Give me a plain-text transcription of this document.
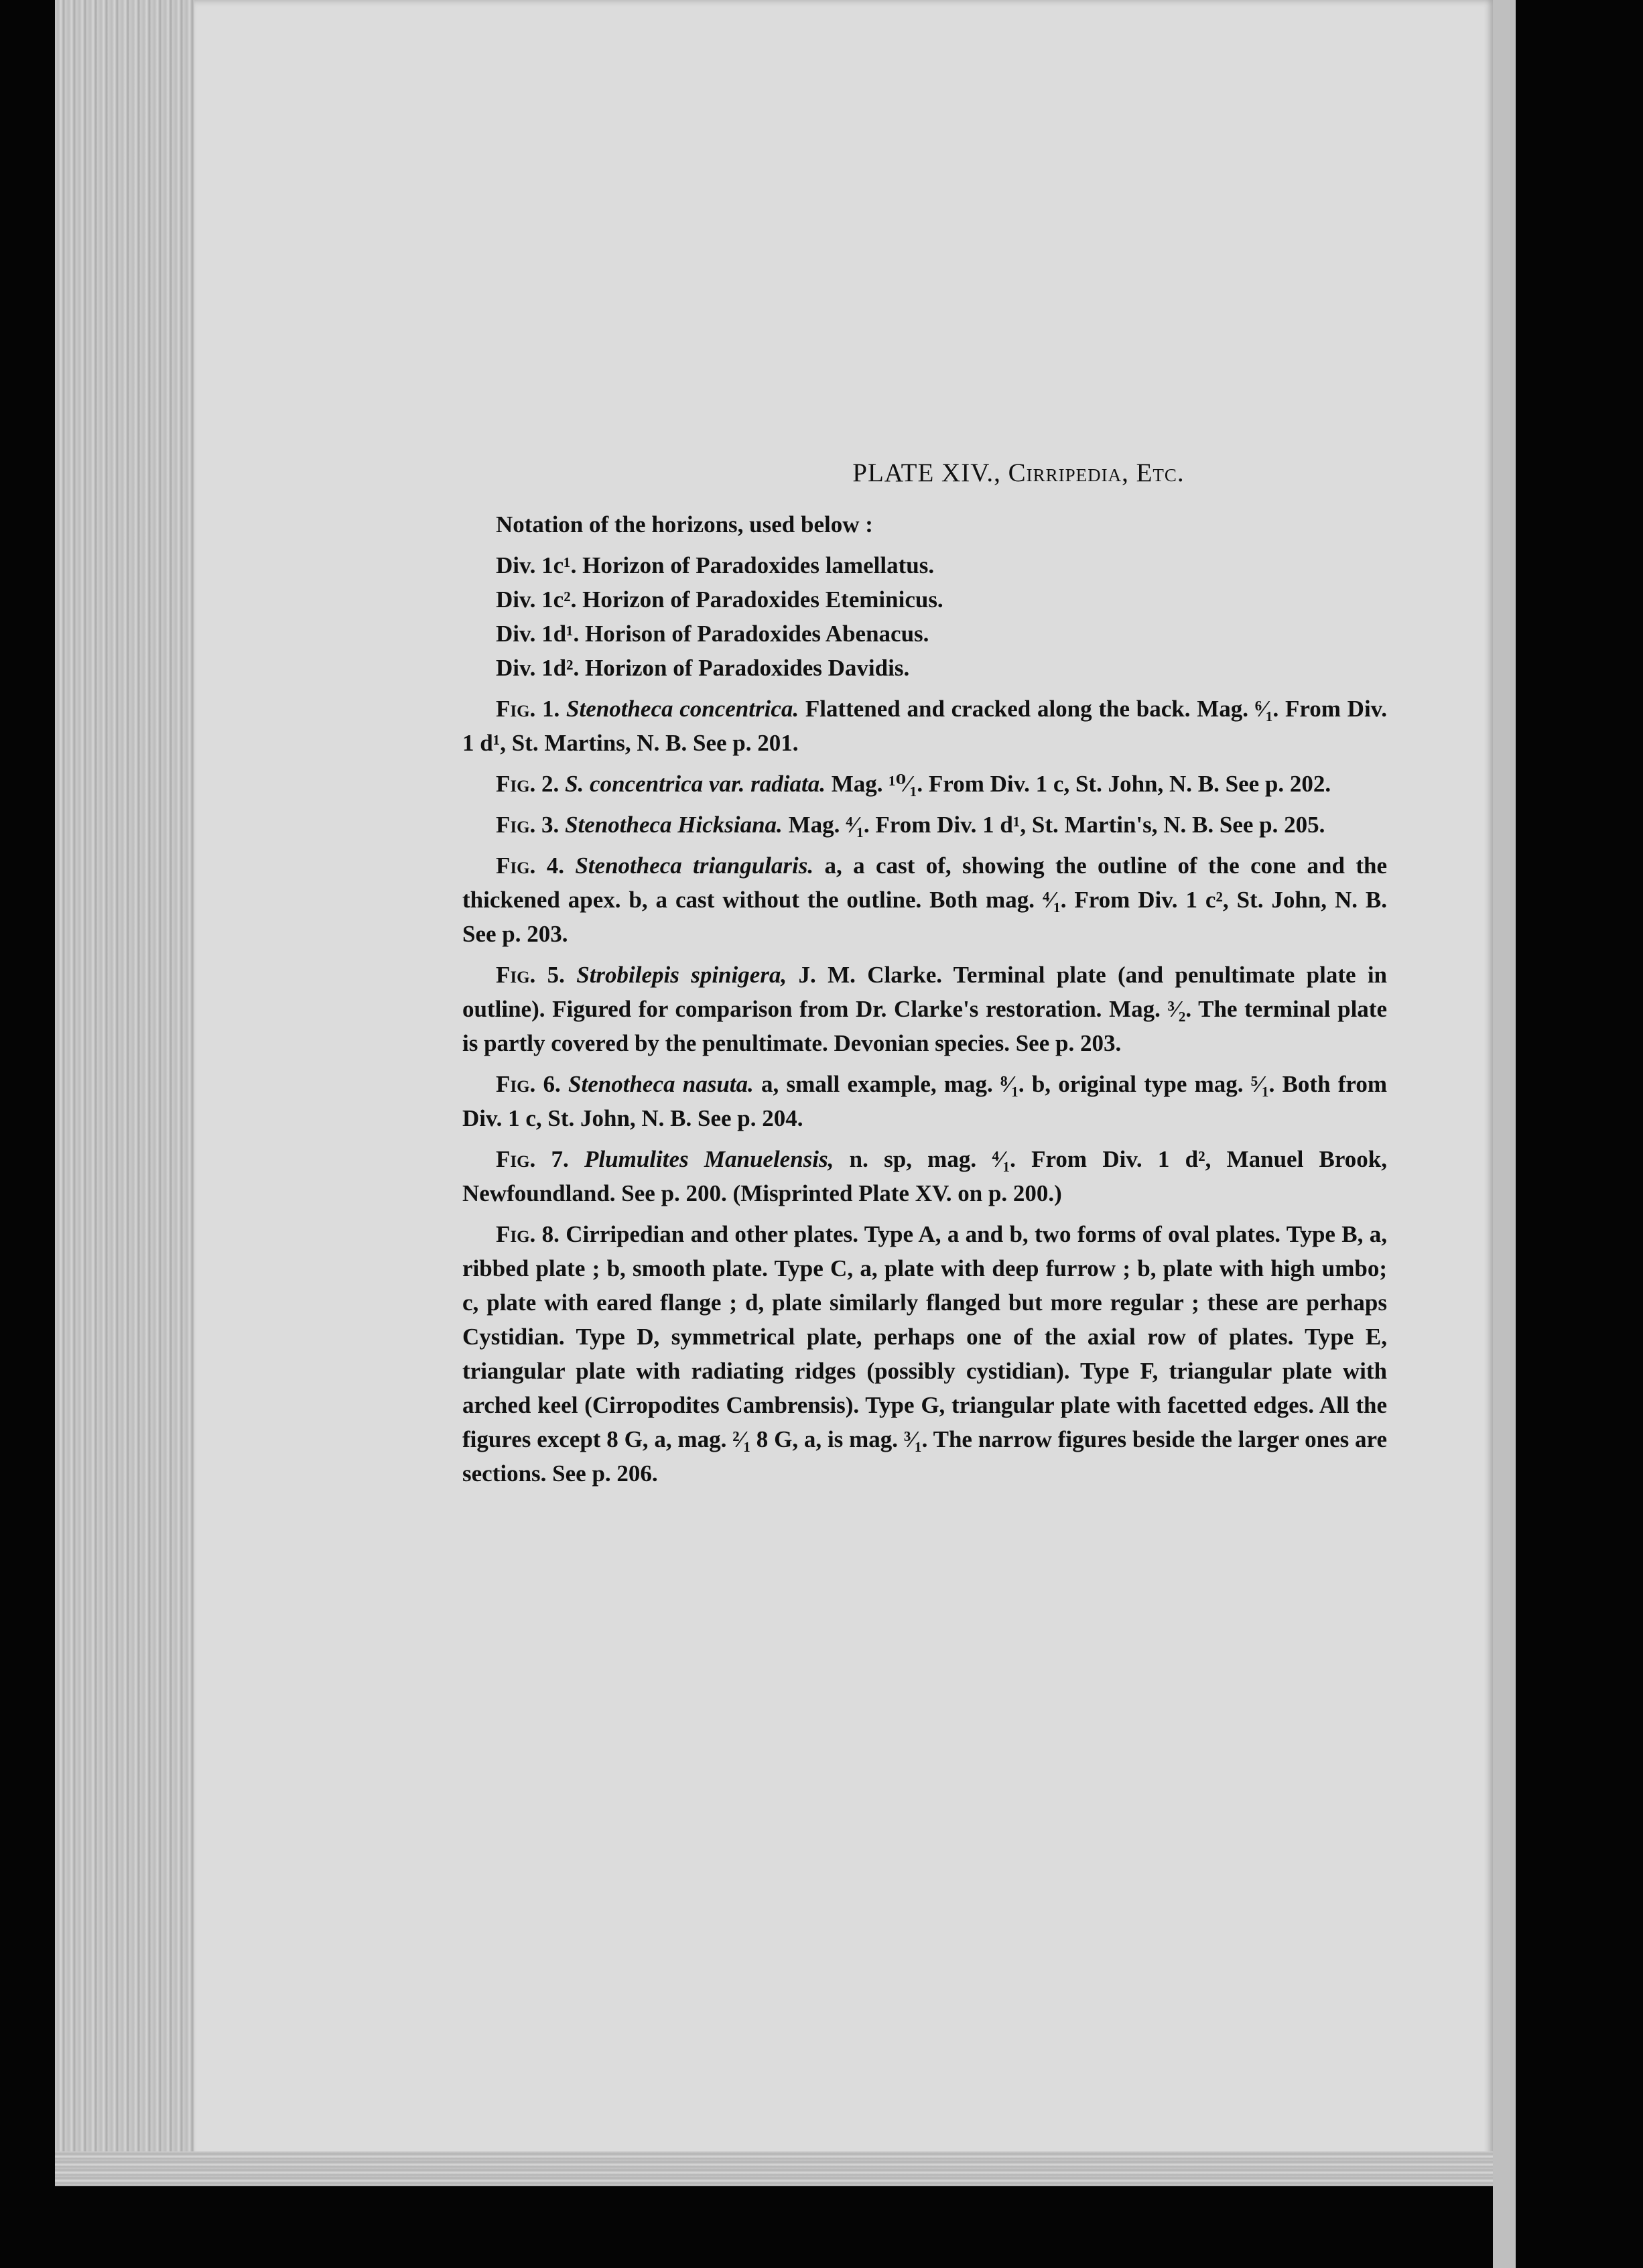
PLATE XIV., Cirripedia, Etc.
Notation of the horizons, used below :
Div. 1c¹. Horizon of Paradoxides lamellatus.
Div. 1c². Horizon of Paradoxides Eteminicus.
Div. 1d¹. Horison of Paradoxides Abenacus.
Div. 1d². Horizon of Paradoxides Davidis.

Fig. 1. Stenotheca concentrica. Flattened and cracked along the back. Mag. ⁶⁄₁. From Div. 1 d¹, St. Martins, N. B. See p. 201.

Fig. 2. S. concentrica var. radiata. Mag. ¹⁰⁄₁. From Div. 1 c, St. John, N. B. See p. 202.

Fig. 3. Stenotheca Hicksiana. Mag. ⁴⁄₁. From Div. 1 d¹, St. Martin's, N. B. See p. 205.

Fig. 4. Stenotheca triangularis. a, a cast of, showing the outline of the cone and the thickened apex. b, a cast without the outline. Both mag. ⁴⁄₁. From Div. 1 c², St. John, N. B. See p. 203.

Fig. 5. Strobilepis spinigera, J. M. Clarke. Terminal plate (and penultimate plate in outline). Figured for comparison from Dr. Clarke's restoration. Mag. ³⁄₂. The terminal plate is partly covered by the penultimate. Devonian species. See p. 203.

Fig. 6. Stenotheca nasuta. a, small example, mag. ⁸⁄₁. b, original type mag. ⁵⁄₁. Both from Div. 1 c, St. John, N. B. See p. 204.

Fig. 7. Plumulites Manuelensis, n. sp, mag. ⁴⁄₁. From Div. 1 d², Manuel Brook, Newfoundland. See p. 200. (Misprinted Plate XV. on p. 200.)

Fig. 8. Cirripedian and other plates. Type A, a and b, two forms of oval plates. Type B, a, ribbed plate ; b, smooth plate. Type C, a, plate with deep furrow ; b, plate with high umbo; c, plate with eared flange ; d, plate similarly flanged but more regular ; these are perhaps Cystidian. Type D, symmetrical plate, perhaps one of the axial row of plates. Type E, triangular plate with radiating ridges (possibly cystidian). Type F, triangular plate with arched keel (Cirropodites Cambrensis). Type G, triangular plate with facetted edges. All the figures except 8 G, a, mag. ²⁄₁ 8 G, a, is mag. ³⁄₁. The narrow figures beside the larger ones are sections. See p. 206.
